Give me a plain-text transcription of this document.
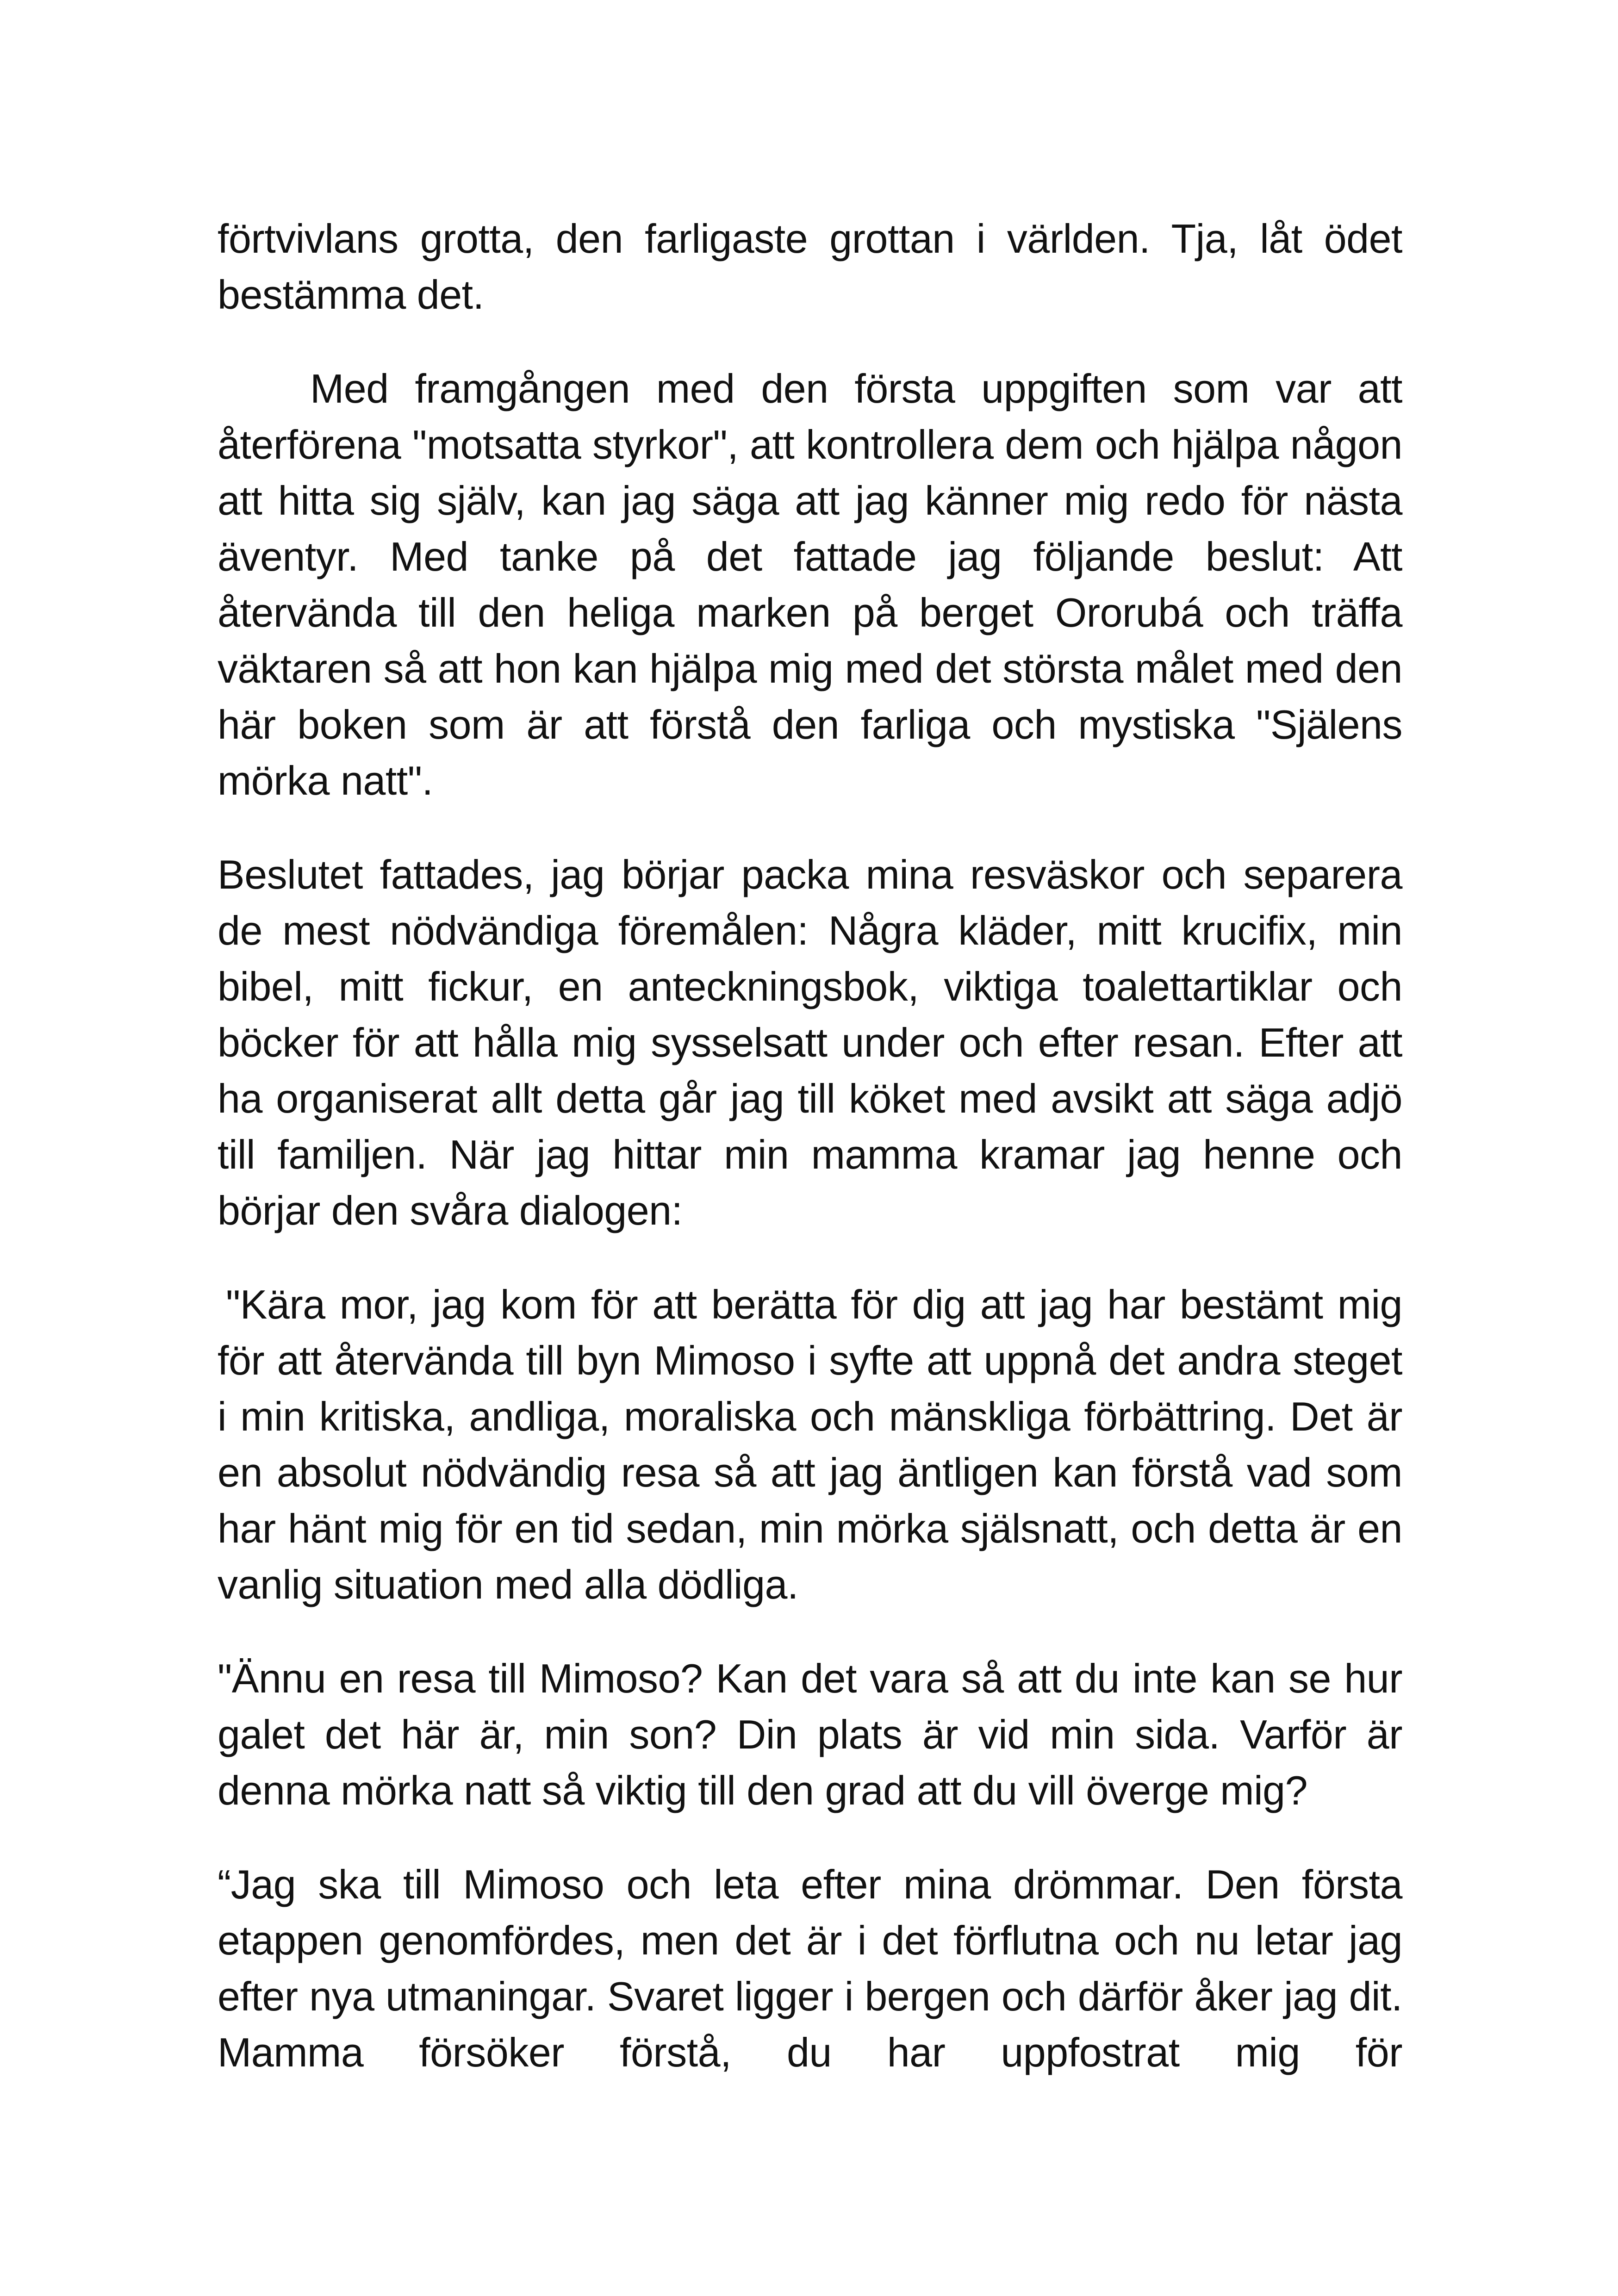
förtvivlans grotta, den farligaste grottan i världen. Tja, låt ödet bestämma det.

Med framgången med den första uppgiften som var att återförena "motsatta styrkor", att kontrollera dem och hjälpa någon att hitta sig själv, kan jag säga att jag känner mig redo för nästa äventyr. Med tanke på det fattade jag följande beslut: Att återvända till den heliga marken på berget Ororubá och träffa väktaren så att hon kan hjälpa mig med det största målet med den här boken som är att förstå den farliga och mystiska "Själens mörka natt".

Beslutet fattades, jag börjar packa mina resväskor och separera de mest nödvändiga föremålen: Några kläder, mitt krucifix, min bibel, mitt fickur, en anteckningsbok, viktiga toalettartiklar och böcker för att hålla mig sysselsatt under och efter resan. Efter att ha organiserat allt detta går jag till köket med avsikt att säga adjö till familjen. När jag hittar min mamma kramar jag henne och börjar den svåra dialogen:

"Kära mor, jag kom för att berätta för dig att jag har bestämt mig för att återvända till byn Mimoso i syfte att uppnå det andra steget i min kritiska, andliga, moraliska och mänskliga förbättring. Det är en absolut nödvändig resa så att jag äntligen kan förstå vad som har hänt mig för en tid sedan, min mörka själsnatt, och detta är en vanlig situation med alla dödliga.

"Ännu en resa till Mimoso? Kan det vara så att du inte kan se hur galet det här är, min son? Din plats är vid min sida. Varför är denna mörka natt så viktig till den grad att du vill överge mig?

“Jag ska till Mimoso och leta efter mina drömmar. Den första etappen genomfördes, men det är i det förflutna och nu letar jag efter nya utmaningar. Svaret ligger i bergen och därför åker jag dit. Mamma försöker förstå, du har uppfostrat mig för
